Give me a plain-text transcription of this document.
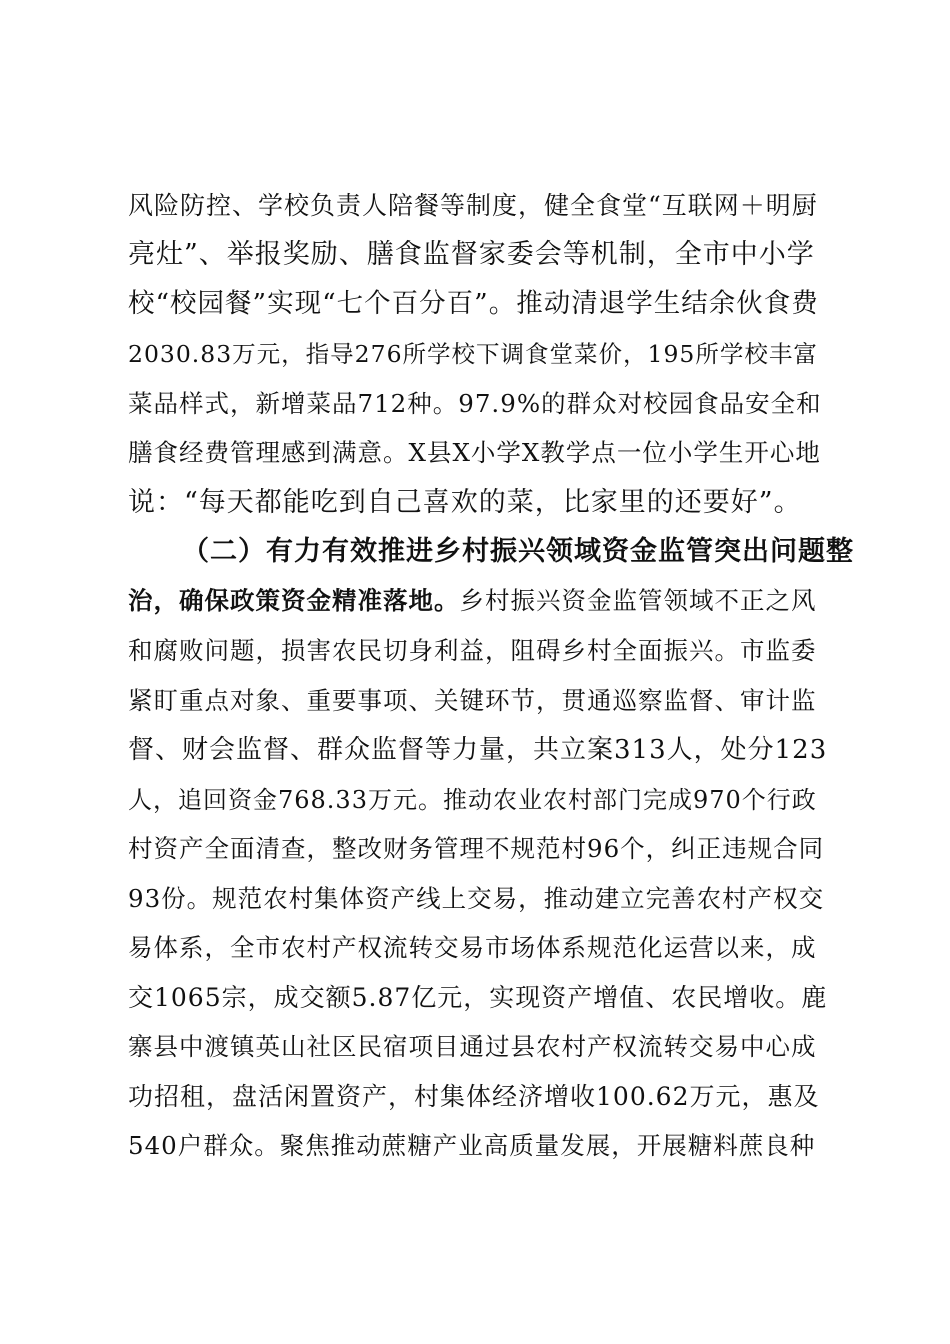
风险防控、学校负责人陪餐等制度，健全食堂“互联网＋明厨
亮灶”、举报奖励、膳食监督家委会等机制，全市中小学
校“校园餐”实现“七个百分百”。推动清退学生结余伙食费
2030.83万元，指导276所学校下调食堂菜价，195所学校丰富
菜品样式，新增菜品712种。97.9%的群众对校园食品安全和
膳食经费管理感到满意。X县X小学X教学点一位小学生开心地
说：“每天都能吃到自己喜欢的菜，比家里的还要好”。
（二）有力有效推进乡村振兴领域资金监管突出问题整
治，确保政策资金精准落地。乡村振兴资金监管领域不正之风
和腐败问题，损害农民切身利益，阻碍乡村全面振兴。市监委
紧盯重点对象、重要事项、关键环节，贯通巡察监督、审计监
督、财会监督、群众监督等力量，共立案313人，处分123
人，追回资金768.33万元。推动农业农村部门完成970个行政
村资产全面清查，整改财务管理不规范村96个，纠正违规合同
93份。规范农村集体资产线上交易，推动建立完善农村产权交
易体系，全市农村产权流转交易市场体系规范化运营以来，成
交1065宗，成交额5.87亿元，实现资产增值、农民增收。鹿
寨县中渡镇英山社区民宿项目通过县农村产权流转交易中心成
功招租，盘活闲置资产，村集体经济增收100.62万元，惠及
540户群众。聚焦推动蔗糖产业高质量发展，开展糖料蔗良种
